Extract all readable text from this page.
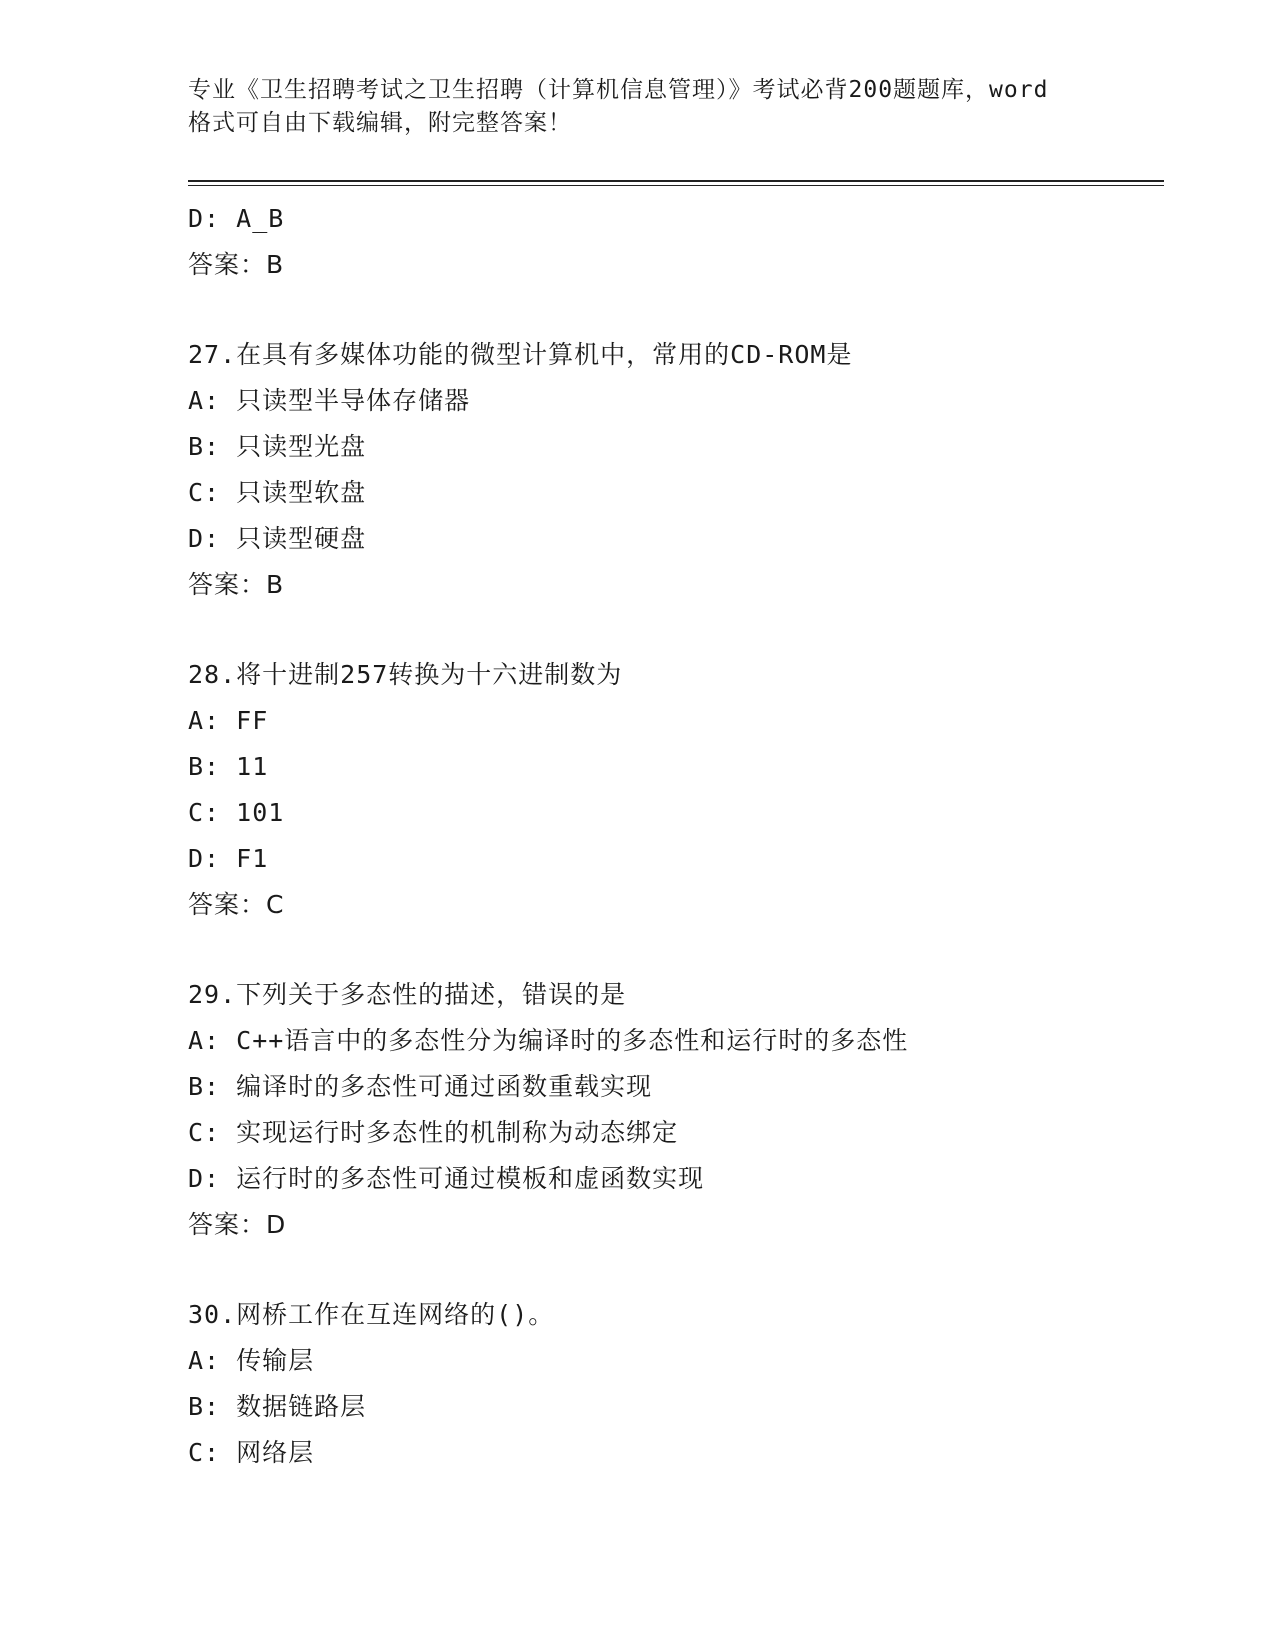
专业《卫生招聘考试之卫生招聘（计算机信息管理）》考试必背200题题库，word
格式可自由下载编辑，附完整答案！
D: A_B
答案：B
27.在具有多媒体功能的微型计算机中，常用的CD-ROM是
A: 只读型半导体存储器
B: 只读型光盘
C: 只读型软盘
D: 只读型硬盘
答案：B
28.将十进制257转换为十六进制数为
A: FF
B: 11
C: 101
D: F1
答案：C
29.下列关于多态性的描述，错误的是
A: C++语言中的多态性分为编译时的多态性和运行时的多态性
B: 编译时的多态性可通过函数重载实现
C: 实现运行时多态性的机制称为动态绑定
D: 运行时的多态性可通过模板和虚函数实现
答案：D
30.网桥工作在互连网络的()。
A: 传输层
B: 数据链路层
C: 网络层
